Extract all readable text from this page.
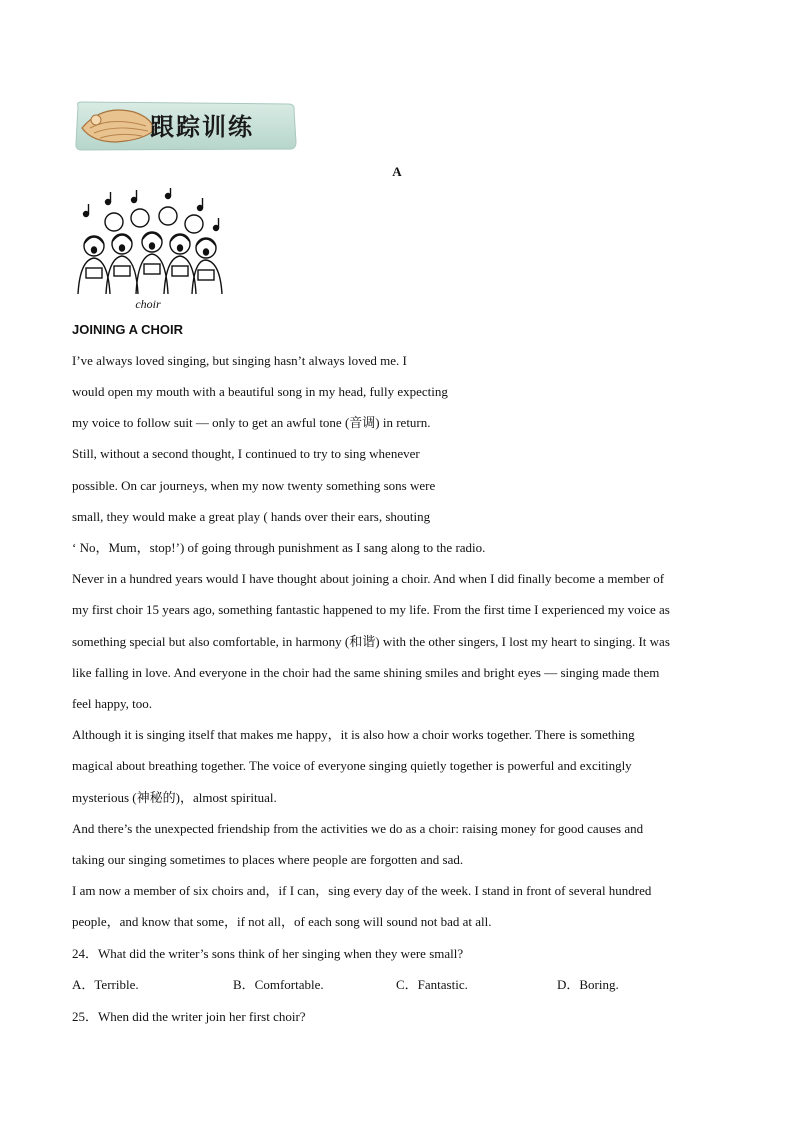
跟踪训练
A
choir
JOINING A CHOIR
I’ve always loved singing, but singing hasn’t always loved me. I
would open my mouth with a beautiful song in my head, fully expecting
my voice to follow suit — only to get an awful tone (音调) in return.
Still, without a second thought, I continued to try to sing whenever
possible. On car journeys, when my now twenty something sons were
small, they would make a great play ( hands over their ears, shouting
‘ No，Mum，stop!’) of going through punishment as I sang along to the radio.
Never in a hundred years would I have thought about joining a choir. And when I did finally become a member of
my first choir 15 years ago, something fantastic happened to my life. From the first time I experienced my voice as
something special but also comfortable, in harmony (和谐) with the other singers, I lost my heart to singing. It was
like falling in love. And everyone in the choir had the same shining smiles and bright eyes — singing made them
feel happy, too.
Although it is singing itself that makes me happy，it is also how a choir works together. There is something
magical about breathing together. The voice of everyone singing quietly together is powerful and excitingly
mysterious (神秘的)，almost spiritual.
And there’s the unexpected friendship from the activities we do as a choir: raising money for good causes and
taking our singing sometimes to places where people are forgotten and sad.
I am now a member of six choirs and，if I can，sing every day of the week. I stand in front of several hundred
people，and know that some，if not all，of each song will sound not bad at all.
24．What did the writer’s sons think of her singing when they were small?
A．Terrible.	B．Comfortable.	C．Fantastic.	D．Boring.
25．When did the writer join her first choir?
